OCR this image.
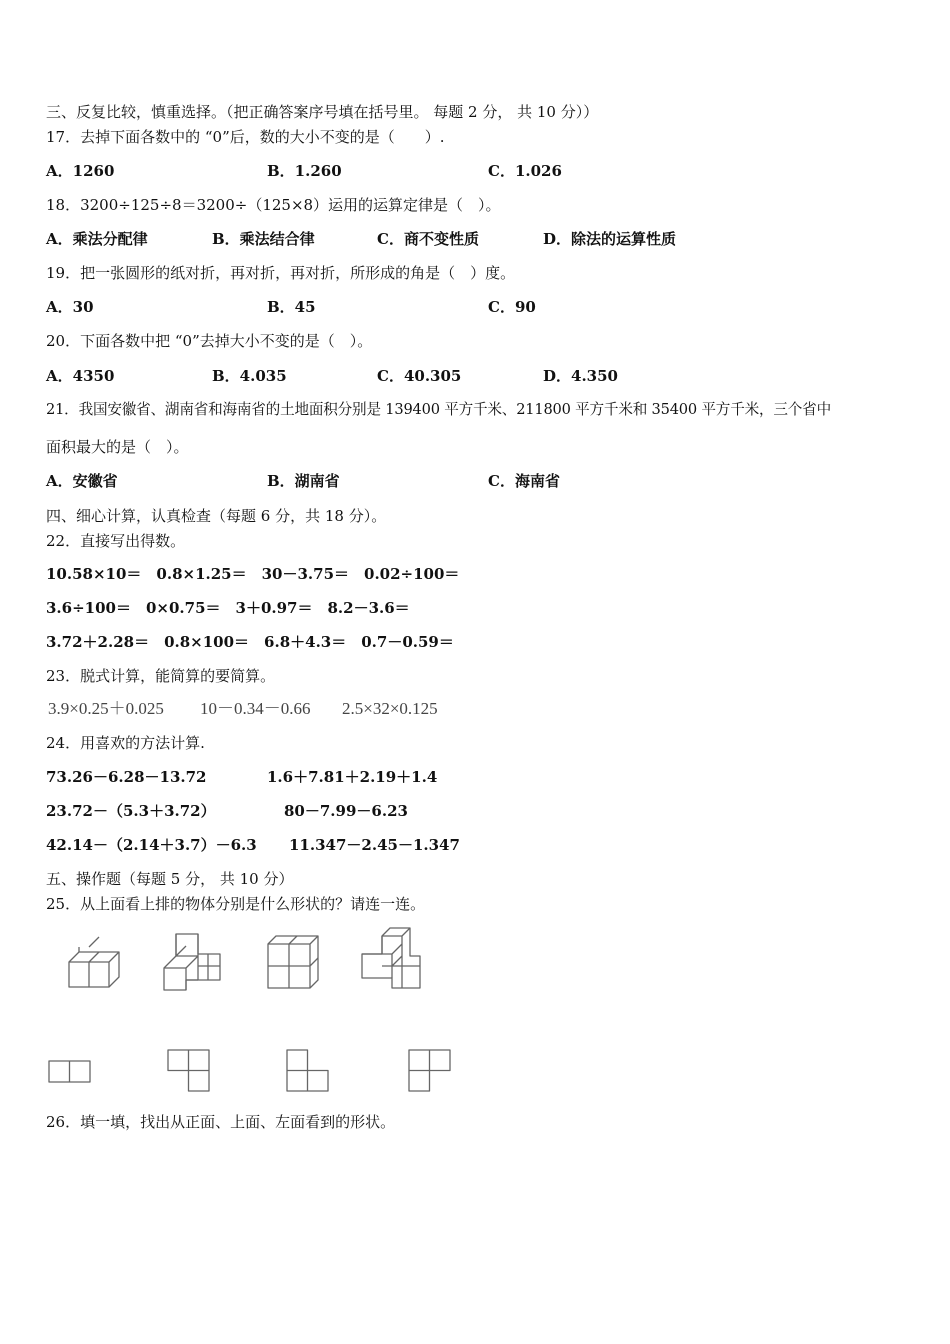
三、反复比较，慎重选择。（把正确答案序号填在括号里。 每题 2 分， 共 10 分））
17．去掉下面各数中的 “0”后，数的大小不变的是（　　）.
A．1260	B．1.260	C．1.026
18．3200÷125÷8＝3200÷（125×8）运用的运算定律是（　）。
A．乘法分配律	B．乘法结合律	C．商不变性质	D．除法的运算性质
19．把一张圆形的纸对折，再对折，再对折，所形成的角是（　）度。
A．30	B．45	C．90
20．下面各数中把 “0”去掉大小不变的是（　）。
A．4350	B．4.035	C．40.305	D．4.350
21．我国安徽省、湖南省和海南省的土地面积分别是 139400 平方千米、211800 平方千米和 35400 平方千米，三个省中
面积最大的是（　）。
A．安徽省	B．湖南省	C．海南省
四、细心计算，认真检查（每题 6 分，共 18 分）。
22．直接写出得数。
10.58×10＝　0.8×1.25＝　30－3.75＝　0.02÷100＝
3.6÷100＝　0×0.75＝　3＋0.97＝　8.2－3.6＝
3.72＋2.28＝　0.8×100＝　6.8＋4.3＝　0.7－0.59＝
23．脱式计算，能简算的要简算。
3.9×0.25＋0.025 10－0.34－0.66 2.5×32×0.125
24．用喜欢的方法计算.
73.26－6.28－13.72	1.6＋7.81＋2.19＋1.4
23.72－（5.3＋3.72）	80－7.99－6.23
42.14－（2.14＋3.7）－6.3 11.347－2.45－1.347
五、操作题（每题 5 分， 共 10 分）
25．从上面看上排的物体分别是什么形状的？请连一连。
26．填一填，找出从正面、上面、左面看到的形状。
